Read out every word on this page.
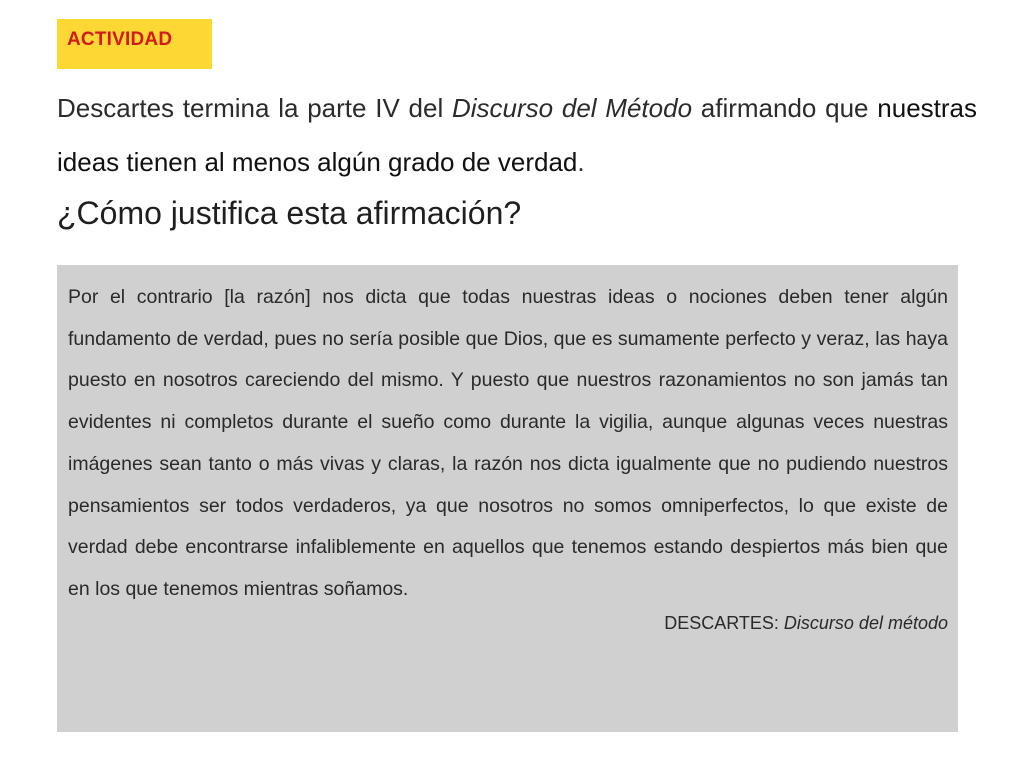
ACTIVIDAD
Descartes termina la parte IV del Discurso del Método afirmando que nuestras ideas tienen al menos algún grado de verdad.
¿Cómo justifica esta afirmación?

Por el contrario [la razón] nos dicta que todas nuestras ideas o nociones deben tener algún fundamento de verdad, pues no sería posible que Dios, que es sumamente perfecto y veraz, las haya puesto en nosotros careciendo del mismo. Y puesto que nuestros razonamientos no son jamás tan evidentes ni completos durante el sueño como durante la vigilia, aunque algunas veces nuestras imágenes sean tanto o más vivas y claras, la razón nos dicta igualmente que no pudiendo nuestros pensamientos ser todos verdaderos, ya que nosotros no somos omniperfectos, lo que existe de verdad debe encontrarse infaliblemente en aquellos que tenemos estando despiertos más bien que en los que tenemos mientras soñamos.

DESCARTES: Discurso del método
